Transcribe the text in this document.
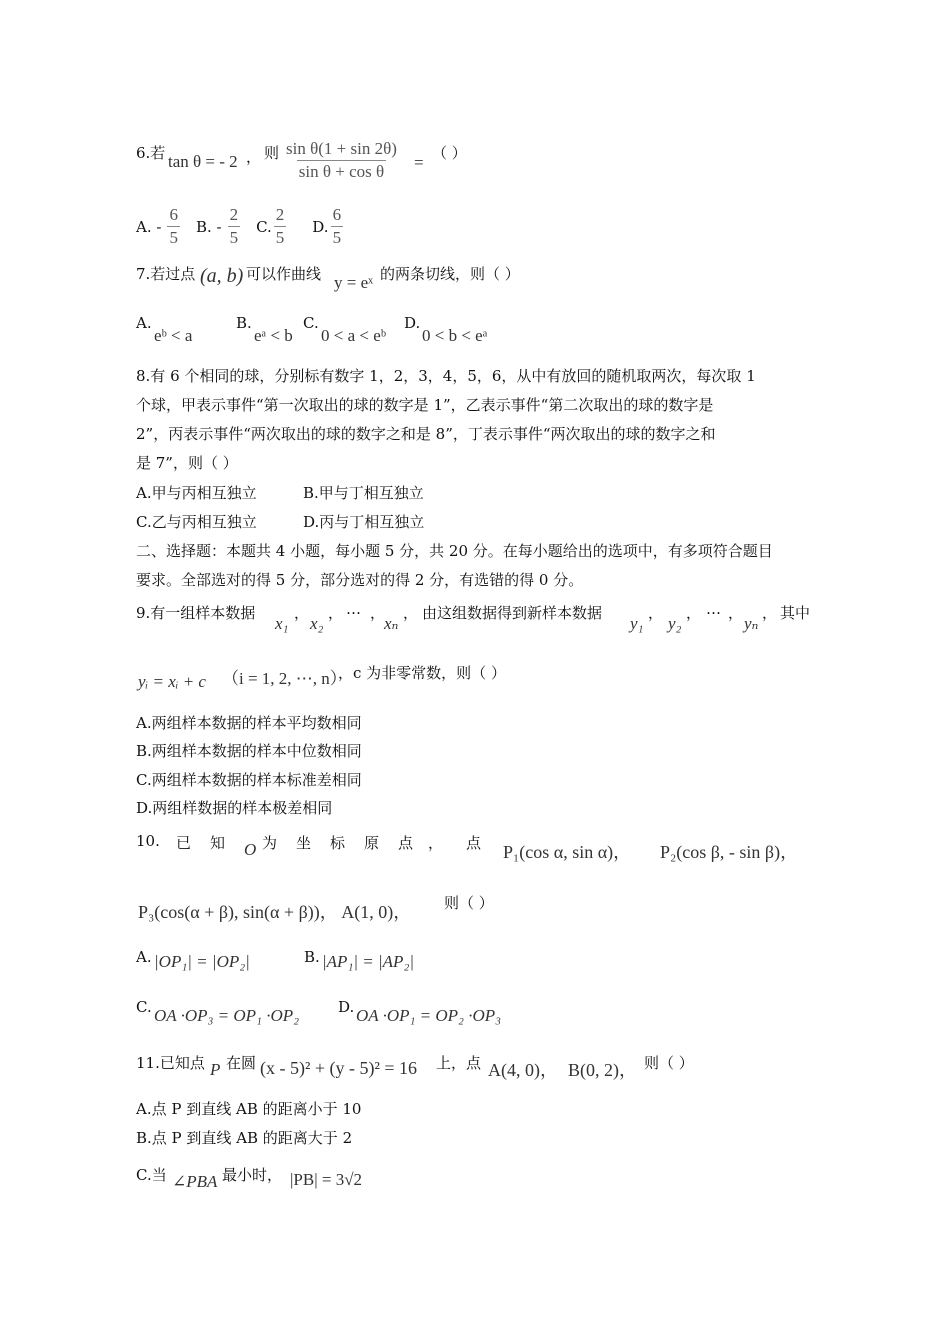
6.若 tan θ = - 2 ， 则 $\frac{\text{sin θ(1 + sin 2θ)}}{\text{sin θ + cos θ}}$ = （ ）
A. - $\frac{6}{5} B$. - $\frac{2}{5} C$. $\frac{2}{5} D$. $\frac{6}{5}$
7.若过点 (a, b) 可以作曲线 y = eˣ 的两条切线，则（ ）
A.
eᵇ < a
B.
eᵃ < b
C.
0 < a < eᵇ
D.
0 < b < eᵃ
8.有 6 个相同的球，分别标有数字 1，2，3，4，5，6，从中有放回的随机取两次，每次取 1
个球，甲表示事件“第一次取出的球的数字是 1”，乙表示事件“第二次取出的球的数字是
2”，丙表示事件“两次取出的球的数字之和是 8”，丁表示事件“两次取出的球的数字之和
是 7”，则（ ）
A.甲与丙相互独立	B.甲与丁相互独立
C.乙与丙相互独立	D.丙与丁相互独立
二、选择题：本题共 4 小题，每小题 5 分，共 20 分。在每小题给出的选项中，有多项符合题目
要求。全部选对的得 5 分，部分选对的得 2 分，有选错的得 0 分。
9.有一组样本数据
x₁
，
x₂
， … ，
xₙ
， 由这组数据得到新样本数据
y₁
，
y₂
， … ，
yₙ
， 其中
yᵢ = xᵢ + c （i = 1, 2, ⋯, n）
，c 为非零常数，则（ ）
A.两组样本数据的样本平均数相同
B.两组样本数据的样本中位数相同
C.两组样本数据的样本标准差相同
D.两组样数据的样本极差相同
10. 已 知 O 为 坐 标 原 点 ， 点 P₁(cos α, sin α)， P₂(cos β, - sin β)，
P₃(cos(α + β), sin(α + β))， A(1, 0)， 则（ ）
A. |OP₁| = |OP₂|	B. |AP₁| = |AP₂|
C. OA ·OP₃ = OP₁ ·OP₂	D. OA ·OP₁ = OP₂ ·OP₃
11.已知点 P 在圆 (x - 5)² + (y - 5)² = 16 上，点 A(4, 0)， B(0, 2)， 则（ ）
A.点 P 到直线 AB 的距离小于 10
B.点 P 到直线 AB 的距离大于 2
C.当 ∠PBA 最小时， |PB| = 3√2
